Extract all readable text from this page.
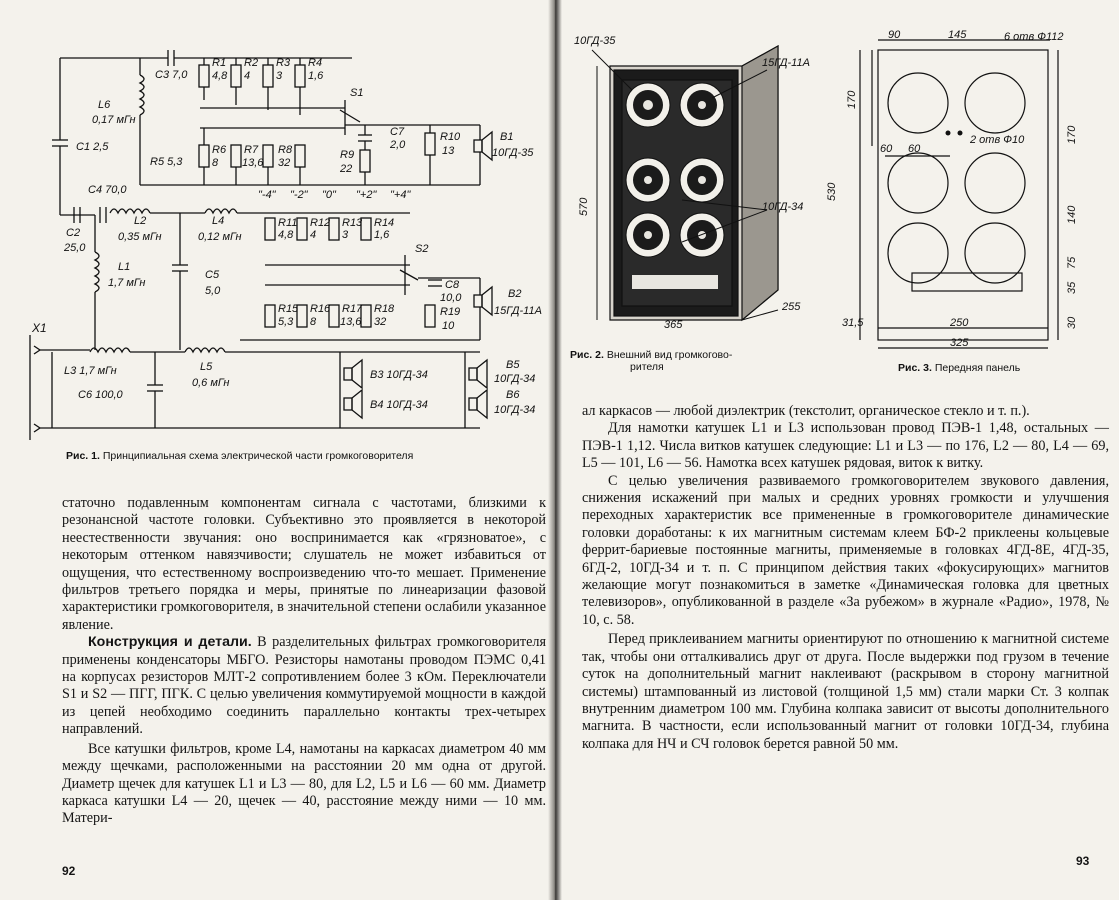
C3 7,0
R1
4,8
R2
4
R3
3
R4
1,6
S1
L6
0,17 мГн
C1 2,5
C7
2,0
R10
13
B1
10ГД-35
R5 5,3
R6
8
R7
13,6
R8
32
R9
22
"-4" "-2" "0" "+2" "+4"
C4 70,0
C2
25,0
L2
0,35 мГн
L4
0,12 мГн
R11
4,8
R12
4
R13
3
R14
1,6
S2
L1
1,7 мГн
C5
5,0	C8
10,0	B2
15ГД-11А
R19
10
R15
5,3
R16
8
R17
13,6
R18
32
X1
L3 1,7 мГн	L5
0,6 мГн
C6 100,0
B3 10ГД-34
B4 10ГД-34
B5
10ГД-34
B6
10ГД-34
Рис. 1. Принципиальная схема электрической части громкоговорителя

статочно подавленным компонентам сигнала с частотами, близкими к резонансной частоте головки. Субъективно это проявляется в некоторой неестественности звучания: оно воспринимается как «грязноватое», с некоторым оттенком навязчивости; слушатель не может избавиться от ощущения, что естественному воспроизведению что-то мешает. Применение фильтров третьего порядка и меры, принятые по линеаризации фазовой характеристики громкоговорителя, в значительной степени ослабили указанное явление.

Конструкция и детали. В разделительных фильтрах громкоговорителя применены конденсаторы МБГО. Резисторы намотаны проводом ПЭМС 0,41 на корпусах резисторов МЛТ-2 сопротивлением более 3 кОм. Переключатели S1 и S2 — ПГГ, ПГК. С целью увеличения коммутируемой мощности в каждой из цепей необходимо соединить параллельно контакты трех-четырех направлений.

Все катушки фильтров, кроме L4, намотаны на каркасах диаметром 40 мм между щечками, расположенными на расстоянии 20 мм одна от другой. Диаметр щечек для катушек L1 и L3 — 80, для L2, L5 и L6 — 60 мм. Диаметр каркаса катушки L4 — 20, щечек — 40, расстояние между ними — 10 мм. Матери-

92
10ГД-35
15ГД-11А
10ГД-34
570
365
255
Рис. 2. Внешний вид громкогово-
рителя
90	145	6 отв Ф112
2 отв Ф10
60 60
170
530
170
140
75
35
30
31,5	250
325
Рис. 3. Передняя панель

ал каркасов — любой диэлектрик (текстолит, органическое стекло и т. п.).

Для намотки катушек L1 и L3 использован провод ПЭВ-1 1,48, остальных — ПЭВ-1 1,12. Числа витков катушек следующие: L1 и L3 — по 176, L2 — 80, L4 — 69, L5 — 101, L6 — 56. Намотка всех катушек рядовая, виток к витку.

С целью увеличения развиваемого громкоговорителем звукового давления, снижения искажений при малых и средних уровнях громкости и улучшения переходных характеристик все примененные в громкоговорителе динамические головки доработаны: к их магнитным системам клеем БФ-2 приклеены кольцевые феррит-бариевые постоянные магниты, применяемые в головках 4ГД-8Е, 4ГД-35, 6ГД-2, 10ГД-34 и т. п. С принципом действия таких «фокусирующих» магнитов желающие могут познакомиться в заметке «Динамическая головка для цветных телевизоров», опубликованной в разделе «За рубежом» в журнале «Радио», 1978, № 10, с. 58.

Перед приклеиванием магниты ориентируют по отношению к магнитной системе так, чтобы они отталкивались друг от друга. После выдержки под грузом в течение суток на дополнительный магнит наклеивают (раскрывом в сторону магнитной системы) штампованный из листовой (толщиной 1,5 мм) стали марки Ст. 3 колпак внутренним диаметром 100 мм. Глубина колпака зависит от высоты дополнительного магнита. В частности, если использованный магнит от головки 10ГД-34, глубина колпака для НЧ и СЧ головок берется равной 50 мм.

93
